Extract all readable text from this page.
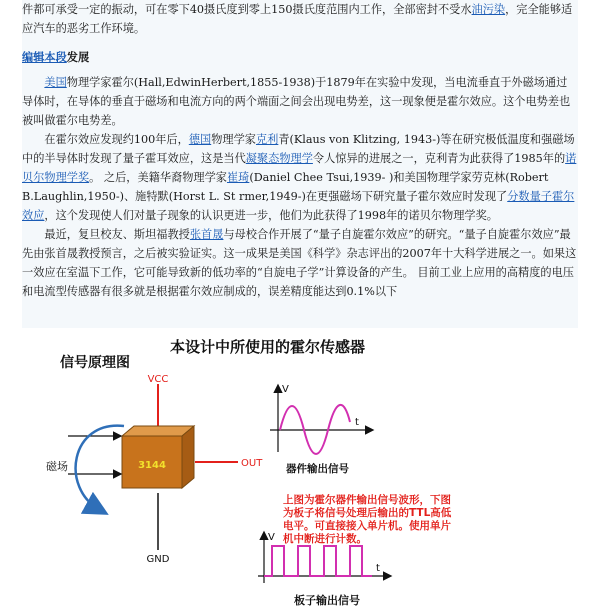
件都可承受一定的振动，可在零下40摄氏度到零上150摄氏度范围内工作，全部密封不受水油污染，完全能够适应汽车的恶劣工作环境。

编辑本段发展

美国物理学家霍尔(Hall,EdwinHerbert,1855-1938)于1879年在实验中发现，当电流垂直于外磁场通过导体时，在导体的垂直于磁场和电流方向的两个端面之间会出现电势差，这一现象便是霍尔效应。这个电势差也被叫做霍尔电势差。

在霍尔效应发现约100年后，德国物理学家克利青(Klaus von Klitzing, 1943-)等在研究极低温度和强磁场中的半导体时发现了量子霍耳效应，这是当代凝聚态物理学令人惊异的进展之一，克利青为此获得了1985年的诺贝尔物理学奖。 之后，美籍华裔物理学家崔琦(Daniel Chee Tsui,1939- )和美国物理学家劳克林(Robert B.Laughlin,1950-)、施特默(Horst L. St rmer,1949-)在更强磁场下研究量子霍尔效应时发现了分数量子霍尔效应，这个发现使人们对量子现象的认识更进一步，他们为此获得了1998年的诺贝尔物理学奖。

最近，复旦校友、斯坦福教授张首晟与母校合作开展了“量子自旋霍尔效应”的研究。“量子自旋霍尔效应”最先由张首晟教授预言，之后被实验证实。这一成果是美国《科学》杂志评出的2007年十大科学进展之一。如果这一效应在室温下工作，它可能导致新的低功率的“自旋电子学”计算设备的产生。 目前工业上应用的高精度的电压和电流型传感器有很多就是根据霍尔效应制成的，误差精度能达到0.1%以下

本设计中所使用的霍尔传感器
信号原理图
3144
VCC
OUT
GND
磁场
V
t
V
t
器件输出信号
上图为霍尔器件输出信号波形，下图为板子将信号处理后输出的TTL高低电平。可直接接入单片机。使用单片机中断进行计数。
板子输出信号
